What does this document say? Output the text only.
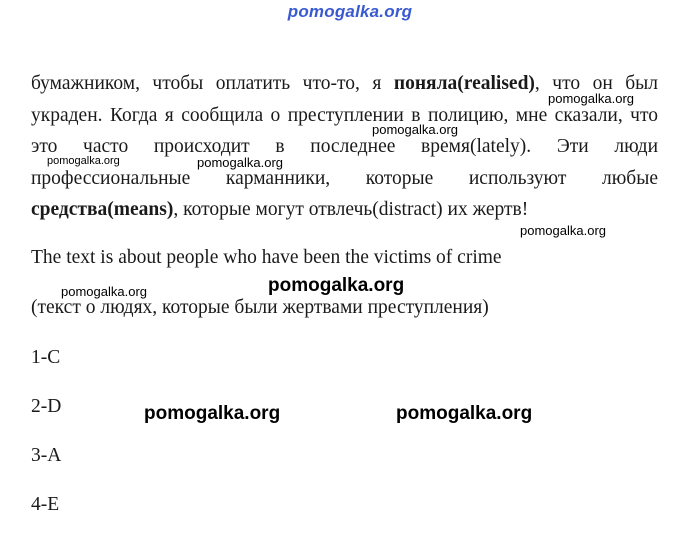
pomogalka.org
бумажником, чтобы оплатить что-то, я поняла(realised), что он был украден. Когда я сообщила о преступлении в полицию, мне сказали, что это часто происходит в последнее время(lately). Эти люди профессиональные карманники, которые используют любые средства(means), которые могут отвлечь(distract) их жертв!
The text is about people who have been the victims of crime
(текст о людях, которые были жертвами преступления)
1-C
2-D
3-A
4-E
pomogalka.org
pomogalka.org
pomogalka.org	pomogalka.org
pomogalka.org
pomogalka.org	pomogalka.org
pomogalka.org	pomogalka.org
